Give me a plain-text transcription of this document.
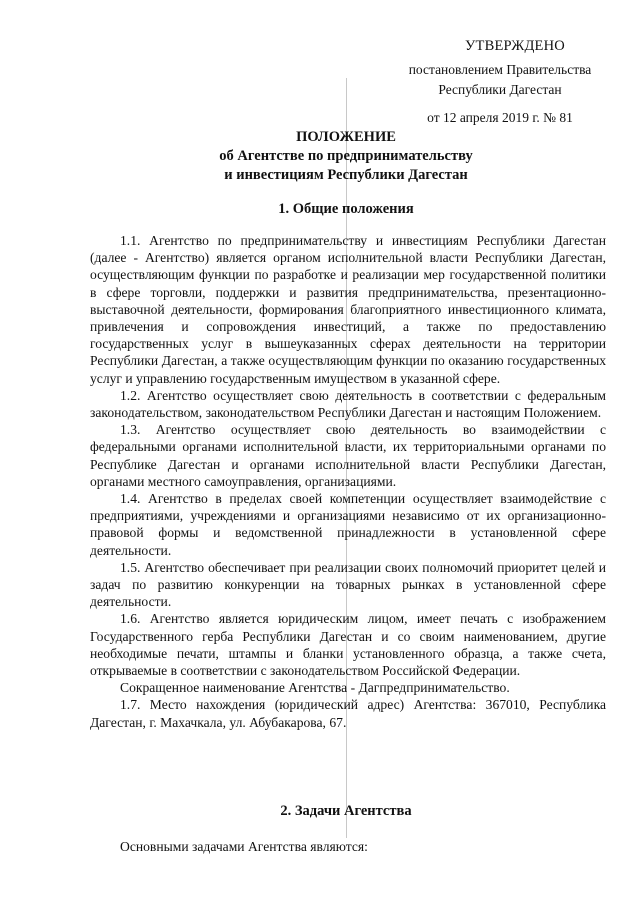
УТВЕРЖДЕНО
постановлением Правительства
Республики Дагестан
от 12 апреля 2019 г. № 81
ПОЛОЖЕНИЕ
об Агентстве по предпринимательству
и инвестициям Республики Дагестан
1. Общие положения

1.1. Агентство по предпринимательству и инвестициям Республики Дагестан (далее - Агентство) является органом исполнительной власти Республики Дагестан, осуществляющим функции по разработке и реализации мер государственной политики в сфере торговли, поддержки и развития предпринимательства, презентационно-выставочной деятельности, формирования благоприятного инвестиционного климата, привлечения и сопровождения инвестиций, а также по предоставлению государственных услуг в вышеуказанных сферах деятельности на территории Республики Дагестан, а также осуществляющим функции по оказанию государственных услуг и управлению государственным имуществом в указанной сфере.

1.2. Агентство осуществляет свою деятельность в соответствии с федеральным законодательством, законодательством Республики Дагестан и настоящим Положением.

1.3. Агентство осуществляет свою деятельность во взаимодействии с федеральными органами исполнительной власти, их территориальными органами по Республике Дагестан и органами исполнительной власти Республики Дагестан, органами местного самоуправления, организациями.

1.4. Агентство в пределах своей компетенции осуществляет взаимодействие с предприятиями, учреждениями и организациями независимо от их организационно-правовой формы и ведомственной принадлежности в установленной сфере деятельности.

1.5. Агентство обеспечивает при реализации своих полномочий приоритет целей и задач по развитию конкуренции на товарных рынках в установленной сфере деятельности.

1.6. Агентство является юридическим лицом, имеет печать с изображением Государственного герба Республики Дагестан и со своим наименованием, другие необходимые печати, штампы и бланки установленного образца, а также счета, открываемые в соответствии с законодательством Российской Федерации.

Сокращенное наименование Агентства - Дагпредпринимательство.

1.7. Место нахождения (юридический адрес) Агентства: 367010, Республика Дагестан, г. Махачкала, ул. Абубакарова, 67.

2. Задачи Агентства
Основными задачами Агентства являются:
